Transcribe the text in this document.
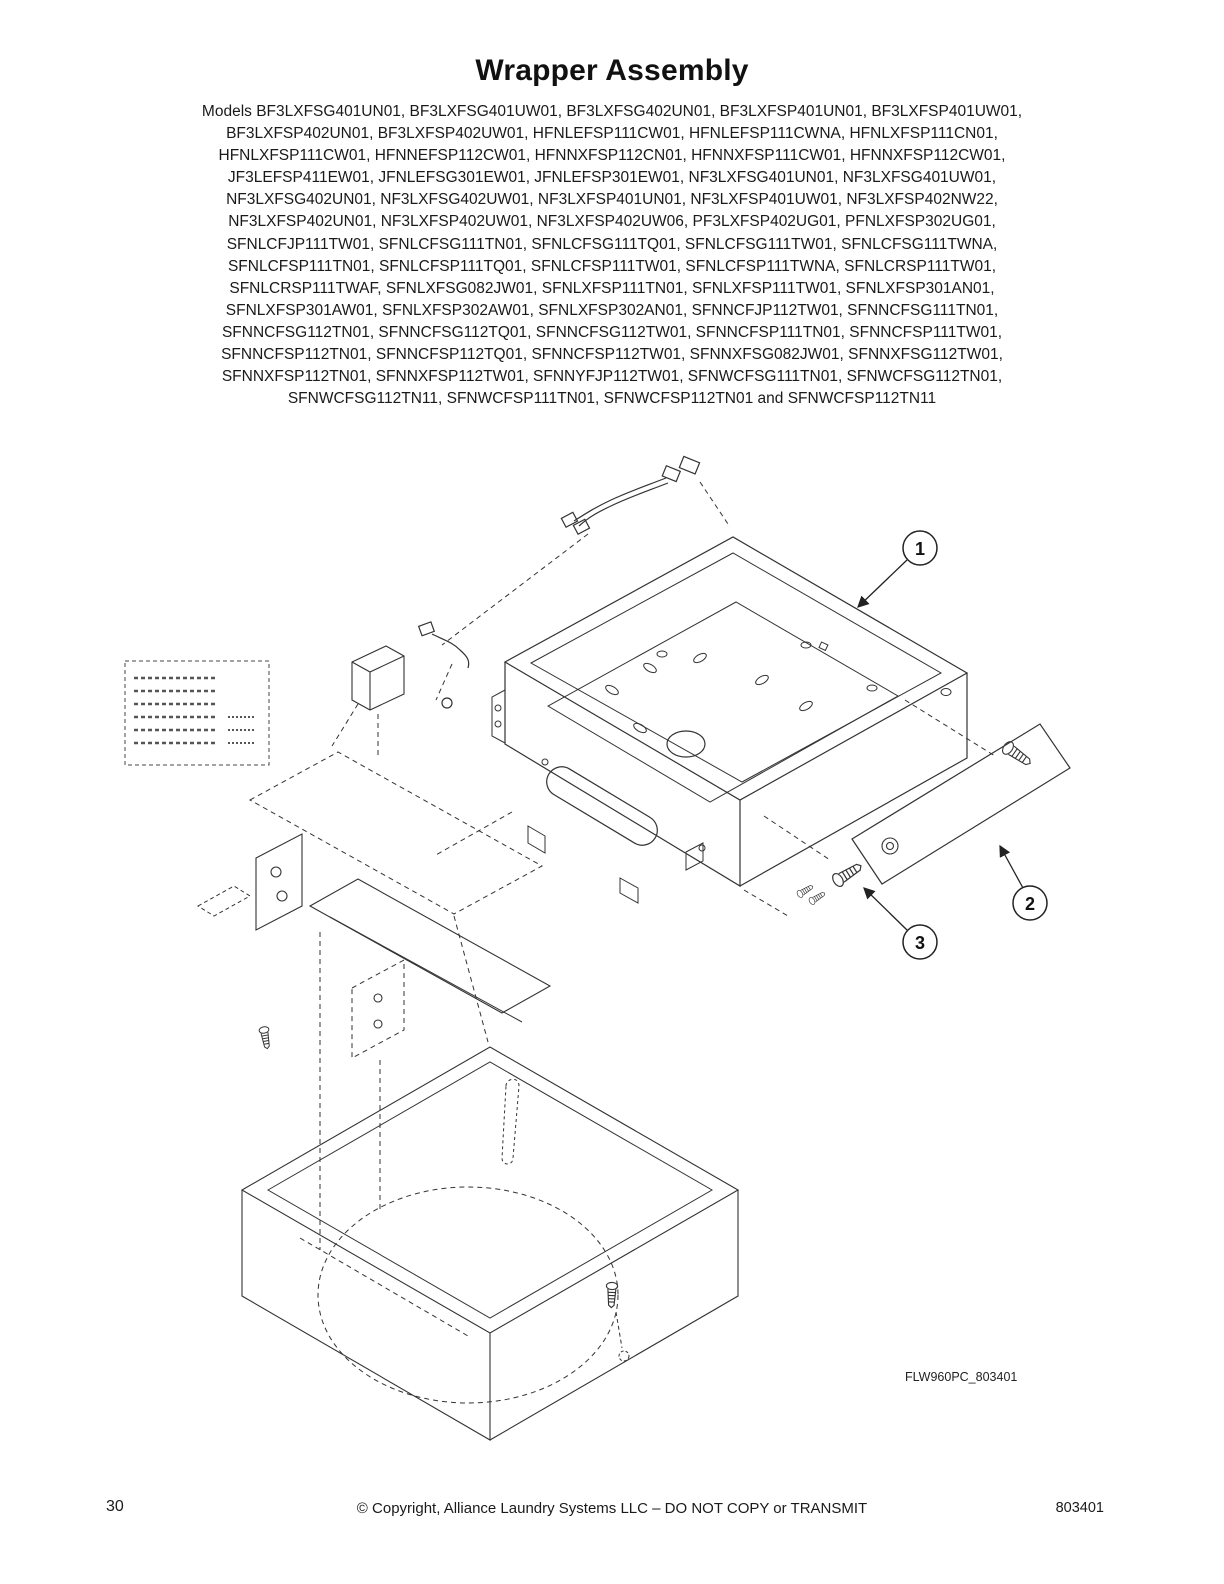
Wrapper Assembly
Models BF3LXFSG401UN01, BF3LXFSG401UW01, BF3LXFSG402UN01, BF3LXFSP401UN01, BF3LXFSP401UW01,
BF3LXFSP402UN01, BF3LXFSP402UW01, HFNLEFSP111CW01, HFNLEFSP111CWNA, HFNLXFSP111CN01,
HFNLXFSP111CW01, HFNNEFSP112CW01, HFNNXFSP112CN01, HFNNXFSP111CW01, HFNNXFSP112CW01,
JF3LEFSP411EW01, JFNLEFSG301EW01, JFNLEFSP301EW01, NF3LXFSG401UN01, NF3LXFSG401UW01,
NF3LXFSG402UN01, NF3LXFSG402UW01, NF3LXFSP401UN01, NF3LXFSP401UW01, NF3LXFSP402NW22,
NF3LXFSP402UN01, NF3LXFSP402UW01, NF3LXFSP402UW06, PF3LXFSP402UG01, PFNLXFSP302UG01,
SFNLCFJP111TW01, SFNLCFSG111TN01, SFNLCFSG111TQ01, SFNLCFSG111TW01, SFNLCFSG111TWNA,
SFNLCFSP111TN01, SFNLCFSP111TQ01, SFNLCFSP111TW01, SFNLCFSP111TWNA, SFNLCRSP111TW01,
SFNLCRSP111TWAF, SFNLXFSG082JW01, SFNLXFSP111TN01, SFNLXFSP111TW01, SFNLXFSP301AN01,
SFNLXFSP301AW01, SFNLXFSP302AW01, SFNLXFSP302AN01, SFNNCFJP112TW01, SFNNCFSG111TN01,
SFNNCFSG112TN01, SFNNCFSG112TQ01, SFNNCFSG112TW01, SFNNCFSP111TN01, SFNNCFSP111TW01,
SFNNCFSP112TN01, SFNNCFSP112TQ01, SFNNCFSP112TW01, SFNNXFSG082JW01, SFNNXFSG112TW01,
SFNNXFSP112TN01, SFNNXFSP112TW01, SFNNYFJP112TW01, SFNWCFSG111TN01, SFNWCFSG112TN01,
SFNWCFSG112TN11, SFNWCFSP111TN01, SFNWCFSP112TN01 and SFNWCFSP112TN11
1
2
3
FLW960PC_803401
30	© Copyright, Alliance Laundry Systems LLC – DO NOT COPY or TRANSMIT	803401
